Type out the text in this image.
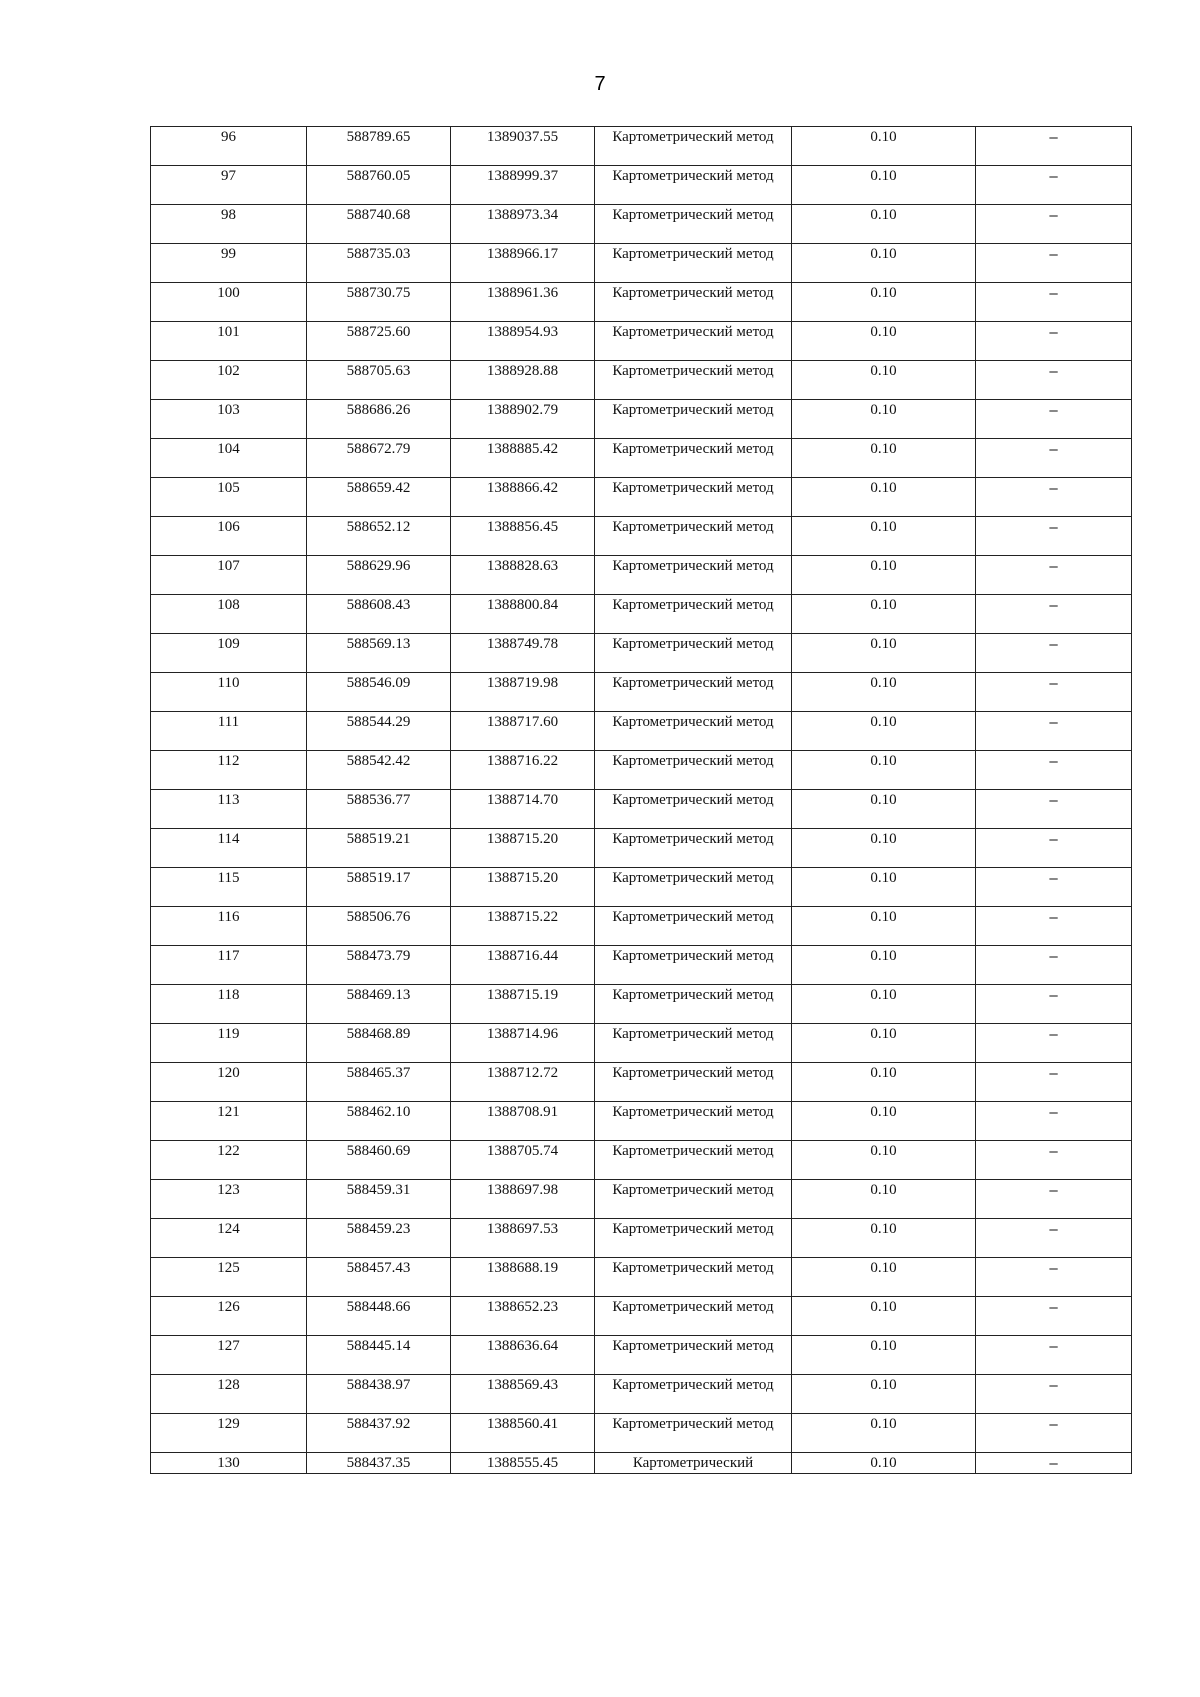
7
96	588789.65	1389037.55	Картометрический метод	0.10	–

97	588760.05	1388999.37	Картометрический метод	0.10	–

98	588740.68	1388973.34	Картометрический метод	0.10	–

99	588735.03	1388966.17	Картометрический метод	0.10	–

100	588730.75	1388961.36	Картометрический метод	0.10	–

101	588725.60	1388954.93	Картометрический метод	0.10	–

102	588705.63	1388928.88	Картометрический метод	0.10	–

103	588686.26	1388902.79	Картометрический метод	0.10	–

104	588672.79	1388885.42	Картометрический метод	0.10	–

105	588659.42	1388866.42	Картометрический метод	0.10	–

106	588652.12	1388856.45	Картометрический метод	0.10	–

107	588629.96	1388828.63	Картометрический метод	0.10	–

108	588608.43	1388800.84	Картометрический метод	0.10	–

109	588569.13	1388749.78	Картометрический метод	0.10	–

110	588546.09	1388719.98	Картометрический метод	0.10	–

111	588544.29	1388717.60	Картометрический метод	0.10	–

112	588542.42	1388716.22	Картометрический метод	0.10	–

113	588536.77	1388714.70	Картометрический метод	0.10	–

114	588519.21	1388715.20	Картометрический метод	0.10	–

115	588519.17	1388715.20	Картометрический метод	0.10	–

116	588506.76	1388715.22	Картометрический метод	0.10	–

117	588473.79	1388716.44	Картометрический метод	0.10	–

118	588469.13	1388715.19	Картометрический метод	0.10	–

119	588468.89	1388714.96	Картометрический метод	0.10	–

120	588465.37	1388712.72	Картометрический метод	0.10	–

121	588462.10	1388708.91	Картометрический метод	0.10	–

122	588460.69	1388705.74	Картометрический метод	0.10	–

123	588459.31	1388697.98	Картометрический метод	0.10	–

124	588459.23	1388697.53	Картометрический метод	0.10	–

125	588457.43	1388688.19	Картометрический метод	0.10	–

126	588448.66	1388652.23	Картометрический метод	0.10	–

127	588445.14	1388636.64	Картометрический метод	0.10	–

128	588438.97	1388569.43	Картометрический метод	0.10	–

129	588437.92	1388560.41	Картометрический метод	0.10	–

130	588437.35	1388555.45	Картометрический	0.10	–
